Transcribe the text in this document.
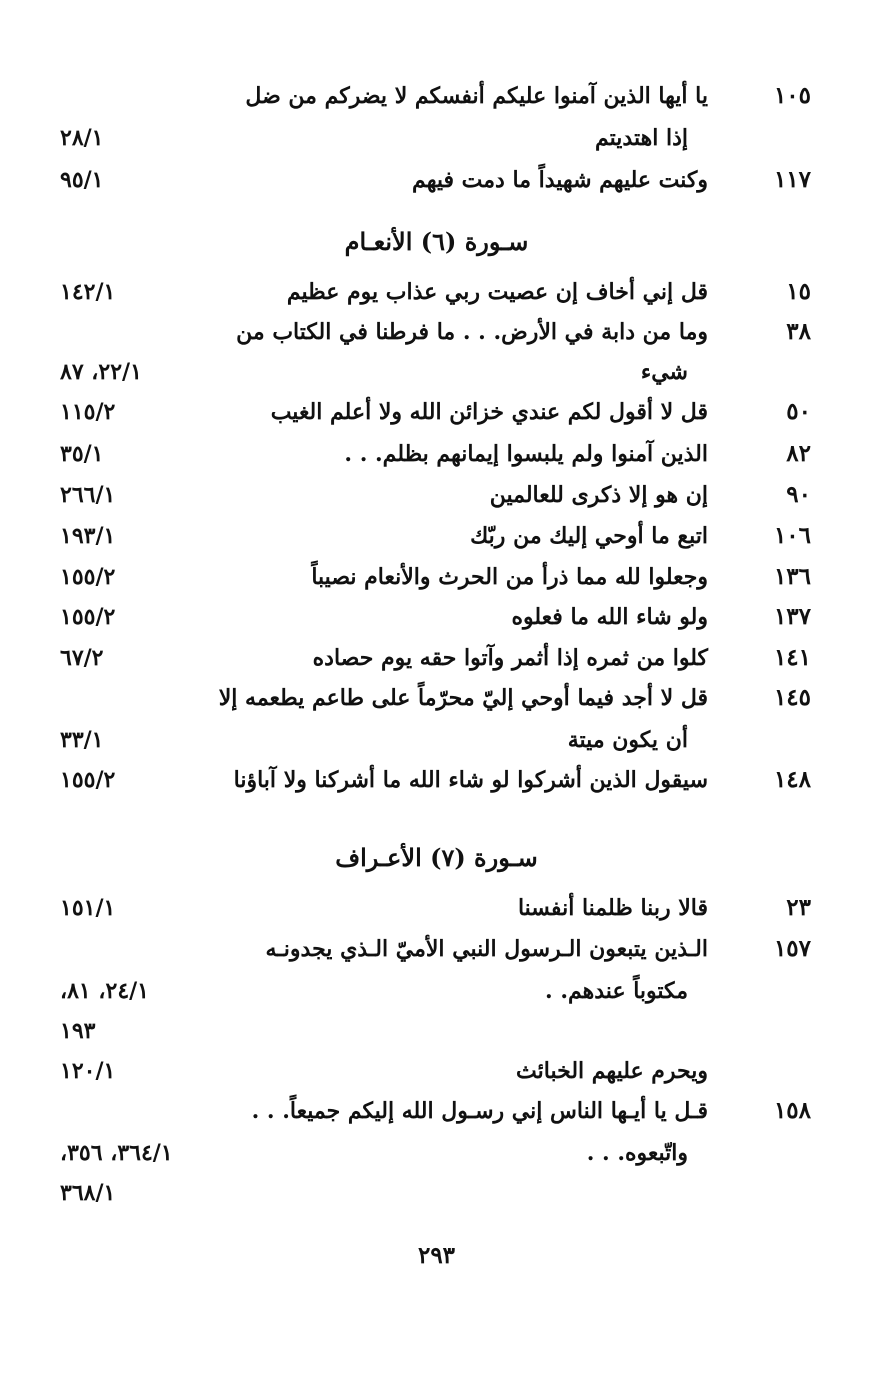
١٠٥
يا أيها الذين آمنوا عليكم أنفسكم لا يضركم من ضل
إذا اهتديتم
٢٨/١
١١٧
وكنت عليهم شهيداً ما دمت فيهم
٩٥/١
سـورة (٦) الأنعـام
١٥
قل إني أخاف إن عصيت ربي عذاب يوم عظيم
١٤٢/١
٣٨
وما من دابة في الأرض. . . ما فرطنا في الكتاب من
شيء
٢٢/١، ٨٧
٥٠
قل لا أقول لكم عندي خزائن الله ولا أعلم الغيب
١١٥/٢
٨٢
الذين آمنوا ولم يلبسوا إيمانهم بظلم. . .
٣٥/١
٩٠
إن هو إلا ذكرى للعالمين
٢٦٦/١
١٠٦
اتبع ما أوحي إليك من ربّك
١٩٣/١
١٣٦
وجعلوا لله مما ذرأ من الحرث والأنعام نصيباً
١٥٥/٢
١٣٧
ولو شاء الله ما فعلوه
١٥٥/٢
١٤١
كلوا من ثمره إذا أثمر وآتوا حقه يوم حصاده
٦٧/٢
١٤٥
قل لا أجد فيما أوحي إليّ محرّماً على طاعم يطعمه إلا
أن يكون ميتة
٣٣/١
١٤٨
سيقول الذين أشركوا لو شاء الله ما أشركنا ولا آباؤنا
١٥٥/٢
سـورة (٧) الأعـراف
٢٣
قالا ربنا ظلمنا أنفسنا
١٥١/١
١٥٧
الـذين يتبعون الـرسول النبي الأميّ الـذي يجدونـه
مكتوباً عندهم. .
٢٤/١، ٨١،
١٩٣
ويحرم عليهم الخبائث
١٢٠/١
١٥٨
قـل يا أيـها الناس إني رسـول الله إليكم جميعاً. . .
واتّبعوه. . .
٣٦٤/١، ٣٥٦،
٣٦٨/١
٢٩٣
